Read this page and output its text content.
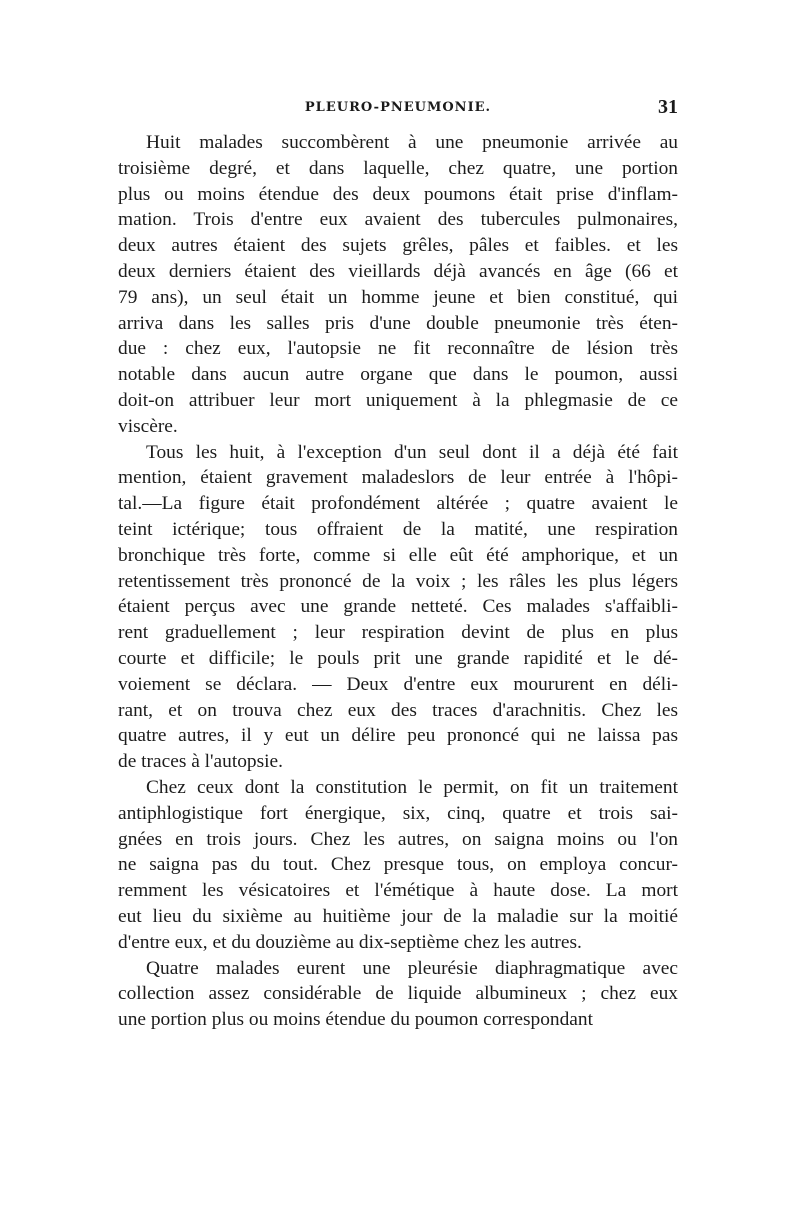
PLEURO-PNEUMONIE.	31

Huit malades succombèrent à une pneumonie arrivée au
troisième degré, et dans laquelle, chez quatre, une portion
plus ou moins étendue des deux poumons était prise d'inflam-
mation. Trois d'entre eux avaient des tubercules pulmonaires,
deux autres étaient des sujets grêles, pâles et faibles. et les
deux derniers étaient des vieillards déjà avancés en âge (66 et
79 ans), un seul était un homme jeune et bien constitué, qui
arriva dans les salles pris d'une double pneumonie très éten-
due : chez eux, l'autopsie ne fit reconnaître de lésion très
notable dans aucun autre organe que dans le poumon, aussi
doit-on attribuer leur mort uniquement à la phlegmasie de ce
viscère.

Tous les huit, à l'exception d'un seul dont il a déjà été fait
mention, étaient gravement maladeslors de leur entrée à l'hôpi-
tal.—La figure était profondément altérée ; quatre avaient le
teint ictérique; tous offraient de la matité, une respiration
bronchique très forte, comme si elle eût été amphorique, et un
retentissement très prononcé de la voix ; les râles les plus légers
étaient perçus avec une grande netteté. Ces malades s'affaibli-
rent graduellement ; leur respiration devint de plus en plus
courte et difficile; le pouls prit une grande rapidité et le dé-
voiement se déclara. — Deux d'entre eux moururent en déli-
rant, et on trouva chez eux des traces d'arachnitis. Chez les
quatre autres, il y eut un délire peu prononcé qui ne laissa pas
de traces à l'autopsie.

Chez ceux dont la constitution le permit, on fit un traitement
antiphlogistique fort énergique, six, cinq, quatre et trois sai-
gnées en trois jours. Chez les autres, on saigna moins ou l'on
ne saigna pas du tout. Chez presque tous, on employa concur-
remment les vésicatoires et l'émétique à haute dose. La mort
eut lieu du sixième au huitième jour de la maladie sur la moitié
d'entre eux, et du douzième au dix-septième chez les autres.

Quatre malades eurent une pleurésie diaphragmatique avec
collection assez considérable de liquide albumineux ; chez eux
une portion plus ou moins étendue du poumon correspondant
